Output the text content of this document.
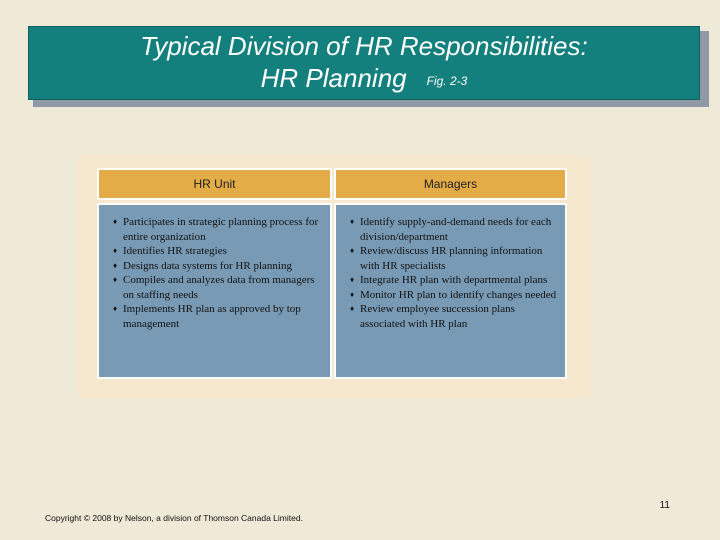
Typical Division of HR Responsibilities:
HR Planning Fig. 2-3
HR Unit	Managers
♦ Participates in strategic planning process for entire organization
♦ Identifies HR strategies
♦ Designs data systems for HR planning
♦ Compiles and analyzes data from managers on staffing needs
♦ Implements HR plan as approved by top management
♦ Identify supply-and-demand needs for each division/department
♦ Review/discuss HR planning information with HR specialists
♦ Integrate HR plan with departmental plans
♦ Monitor HR plan to identify changes needed
♦ Review employee succession plans associated with HR plan
11
Copyright © 2008 by Nelson, a division of Thomson Canada Limited.
